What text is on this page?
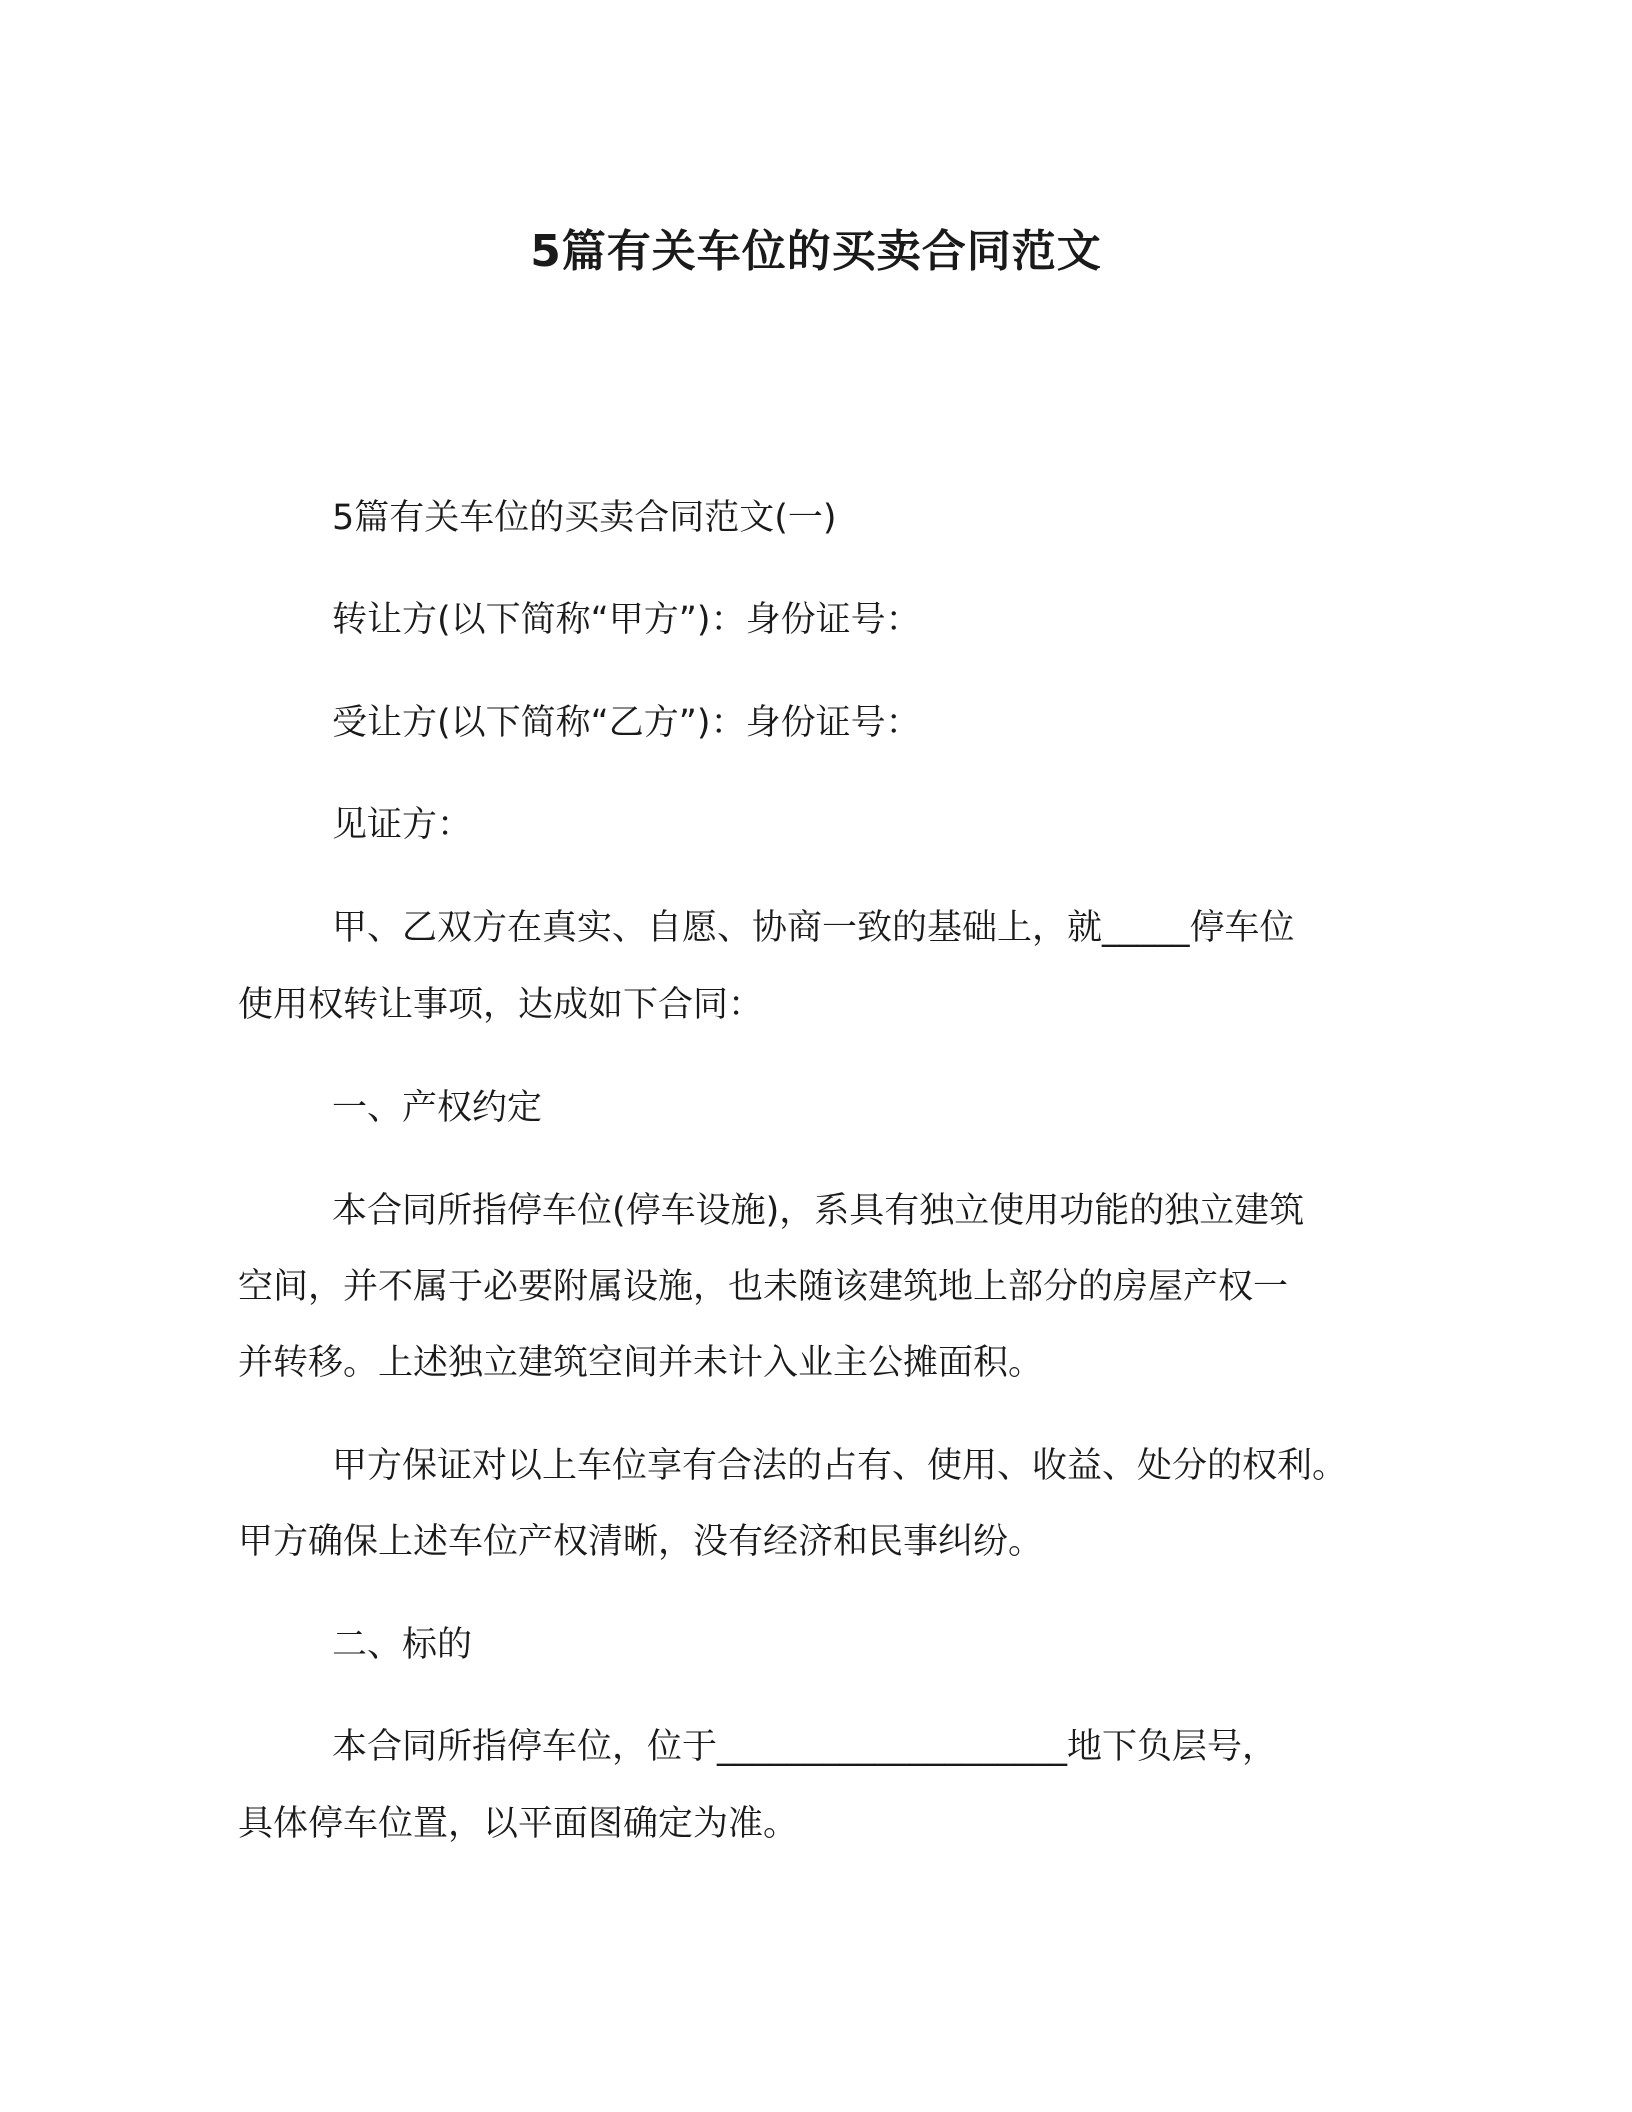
5篇有关车位的买卖合同范文

5篇有关车位的买卖合同范文(一)

转让方(以下简称“甲方”)：身份证号：

受让方(以下简称“乙方”)：身份证号：

见证方：

甲、乙双方在真实、自愿、协商一致的基础上，就_____停车位

使用权转让事项，达成如下合同：

一、产权约定

本合同所指停车位(停车设施)，系具有独立使用功能的独立建筑

空间，并不属于必要附属设施，也未随该建筑地上部分的房屋产权一

并转移。上述独立建筑空间并未计入业主公摊面积。

甲方保证对以上车位享有合法的占有、使用、收益、处分的权利。

甲方确保上述车位产权清晰，没有经济和民事纠纷。

二、标的

本合同所指停车位，位于____________________地下负层号，

具体停车位置，以平面图确定为准。
